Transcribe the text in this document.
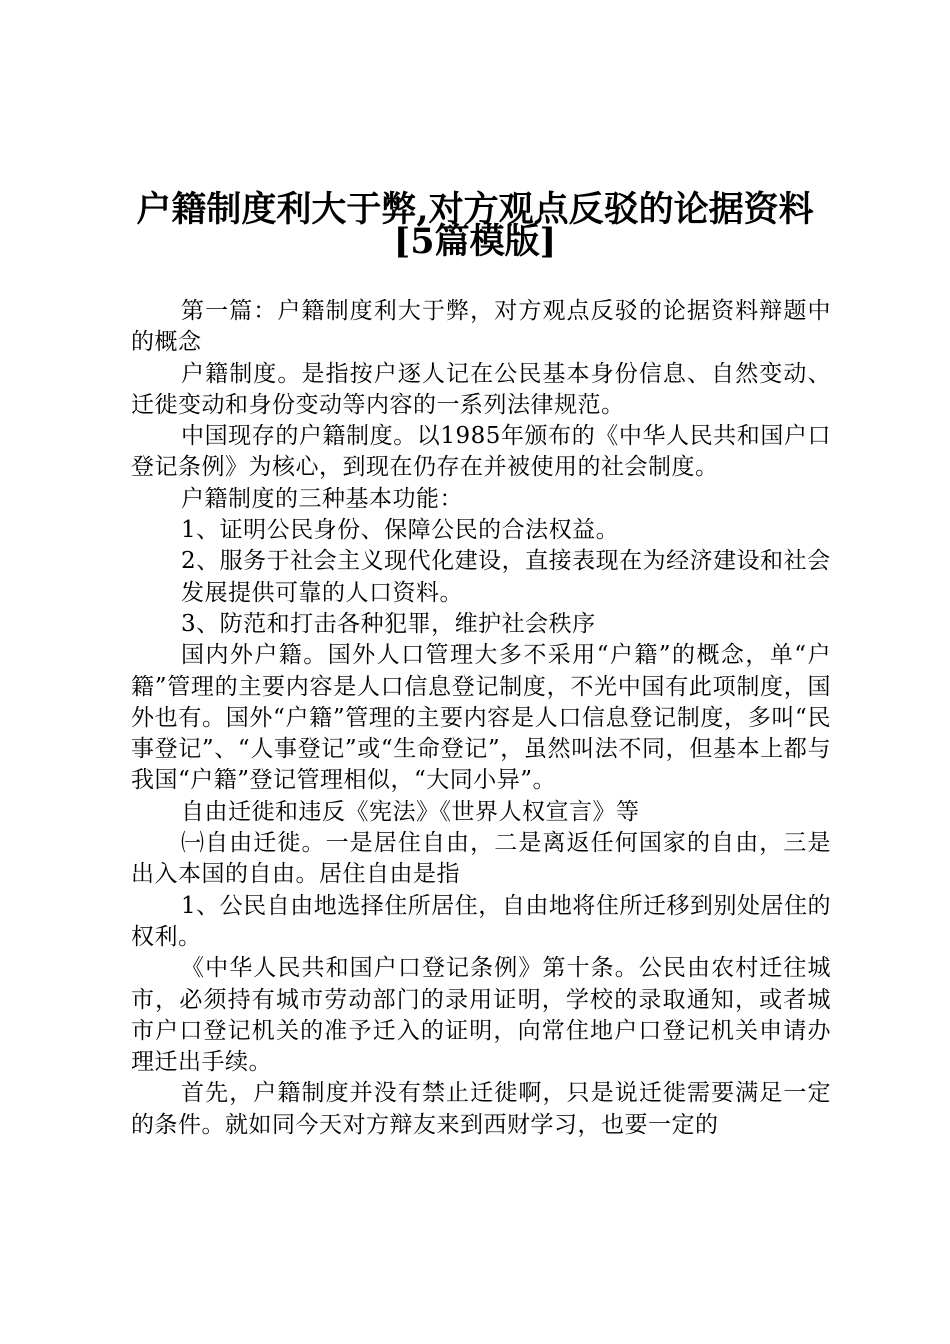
户籍制度利大于弊,对方观点反驳的论据资料
[5篇模版]

第一篇：户籍制度利大于弊，对方观点反驳的论据资料辩题中的概念

户籍制度。是指按户逐人记在公民基本身份信息、自然变动、迁徙变动和身份变动等内容的一系列法律规范。

中国现存的户籍制度。以1985年颁布的《中华人民共和国户口登记条例》为核心，到现在仍存在并被使用的社会制度。

户籍制度的三种基本功能：

1、证明公民身份、保障公民的合法权益。

2、服务于社会主义现代化建设，直接表现在为经济建设和社会

发展提供可靠的人口资料。

3、防范和打击各种犯罪，维护社会秩序

国内外户籍。国外人口管理大多不采用“户籍”的概念，单“户籍”管理的主要内容是人口信息登记制度，不光中国有此项制度，国外也有。国外“户籍”管理的主要内容是人口信息登记制度，多叫“民事登记”、“人事登记”或“生命登记”，虽然叫法不同，但基本上都与我国“户籍”登记管理相似，“大同小异”。

自由迁徙和违反《宪法》《世界人权宣言》等

㈠自由迁徙。一是居住自由，二是离返任何国家的自由，三是出入本国的自由。居住自由是指

1、公民自由地选择住所居住，自由地将住所迁移到别处居住的权利。

《中华人民共和国户口登记条例》第十条。公民由农村迁往城市，必须持有城市劳动部门的录用证明，学校的录取通知，或者城市户口登记机关的准予迁入的证明，向常住地户口登记机关申请办理迁出手续。

首先，户籍制度并没有禁止迁徙啊，只是说迁徙需要满足一定的条件。就如同今天对方辩友来到西财学习，也要一定的
